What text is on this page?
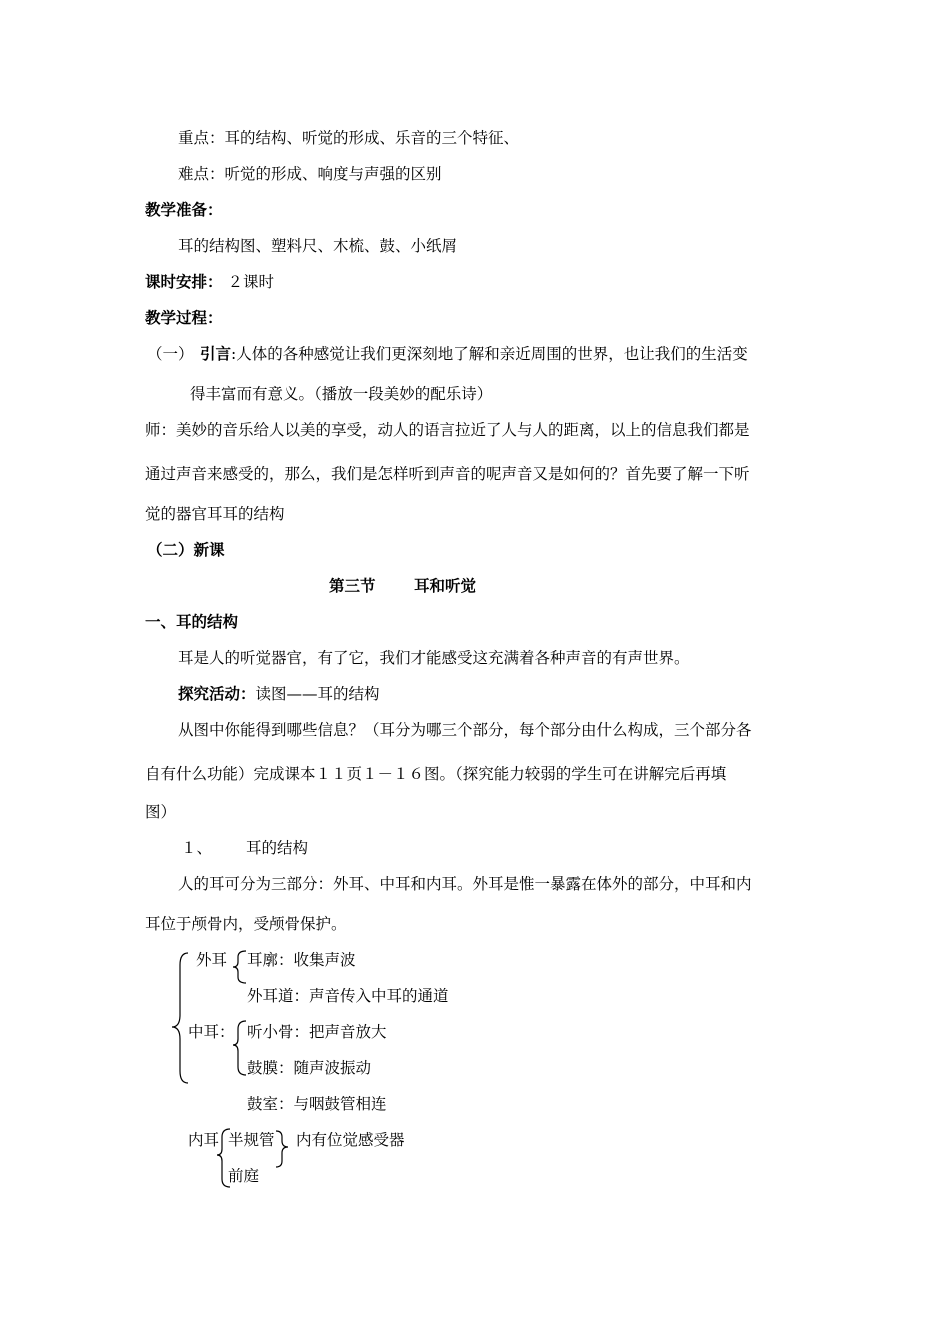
重点：耳的结构、听觉的形成、乐音的三个特征、
难点：听觉的形成、响度与声强的区别
教学准备：
耳的结构图、塑料尺、木梳、鼓、小纸屑
课时安排： ２课时
教学过程：
（一） 引言:人体的各种感觉让我们更深刻地了解和亲近周围的世界，也让我们的生活变
得丰富而有意义。（播放一段美妙的配乐诗）
师：美妙的音乐给人以美的享受，动人的语言拉近了人与人的距离，以上的信息我们都是
通过声音来感受的，那么，我们是怎样听到声音的呢声音又是如何的？首先要了解一下听
觉的器官耳耳的结构
（二）新课
第三节 耳和听觉
一、耳的结构
耳是人的听觉器官，有了它，我们才能感受这充满着各种声音的有声世界。
探究活动：读图——耳的结构
从图中你能得到哪些信息？（耳分为哪三个部分，每个部分由什么构成，三个部分各
自有什么功能）完成课本１１页１－１６图。（探究能力较弱的学生可在讲解完后再填
图）
１、 耳的结构
人的耳可分为三部分：外耳、中耳和内耳。外耳是惟一暴露在体外的部分，中耳和内
耳位于颅骨内，受颅骨保护。
外耳 耳廓：收集声波
外耳道：声音传入中耳的通道
中耳： 听小骨：把声音放大
鼓膜：随声波振动
鼓室：与咽鼓管相连
内耳 半规管
前庭
内有位觉感受器
